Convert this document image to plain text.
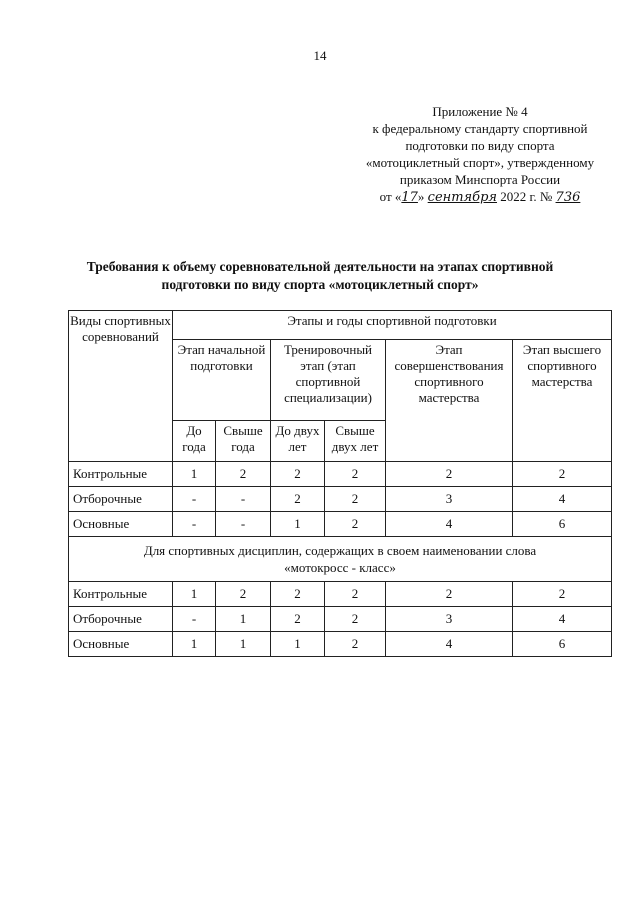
14
Приложение № 4
к федеральному стандарту спортивной
подготовки по виду спорта
«мотоциклетный спорт», утвержденному
приказом Минспорта России
от «17» сентября 2022 г. № 736
Требования к объему соревновательной деятельности на этапах спортивной
подготовки по виду спорта «мотоциклетный спорт»
Виды спортивных соревнований	Этапы и годы спортивной подготовки					
	Этап начальной подготовки		Тренировочный этап (этап спортивной специализации)		Этап совершенствования спортивного мастерства	Этап высшего спортивного мастерства
	До года	Свыше года	До двух лет	Свыше двух лет		
Контрольные	1	2	2	2	2	2
Отборочные	-	-	2	2	3	4
Основные	-	-	1	2	4	6

Для спортивных дисциплин, содержащих в своем наименовании слова
«мотокросс - класс»						

Контрольные	1	2	2	2	2	2
Отборочные	-	1	2	2	3	4
Основные	1	1	1	2	4	6
